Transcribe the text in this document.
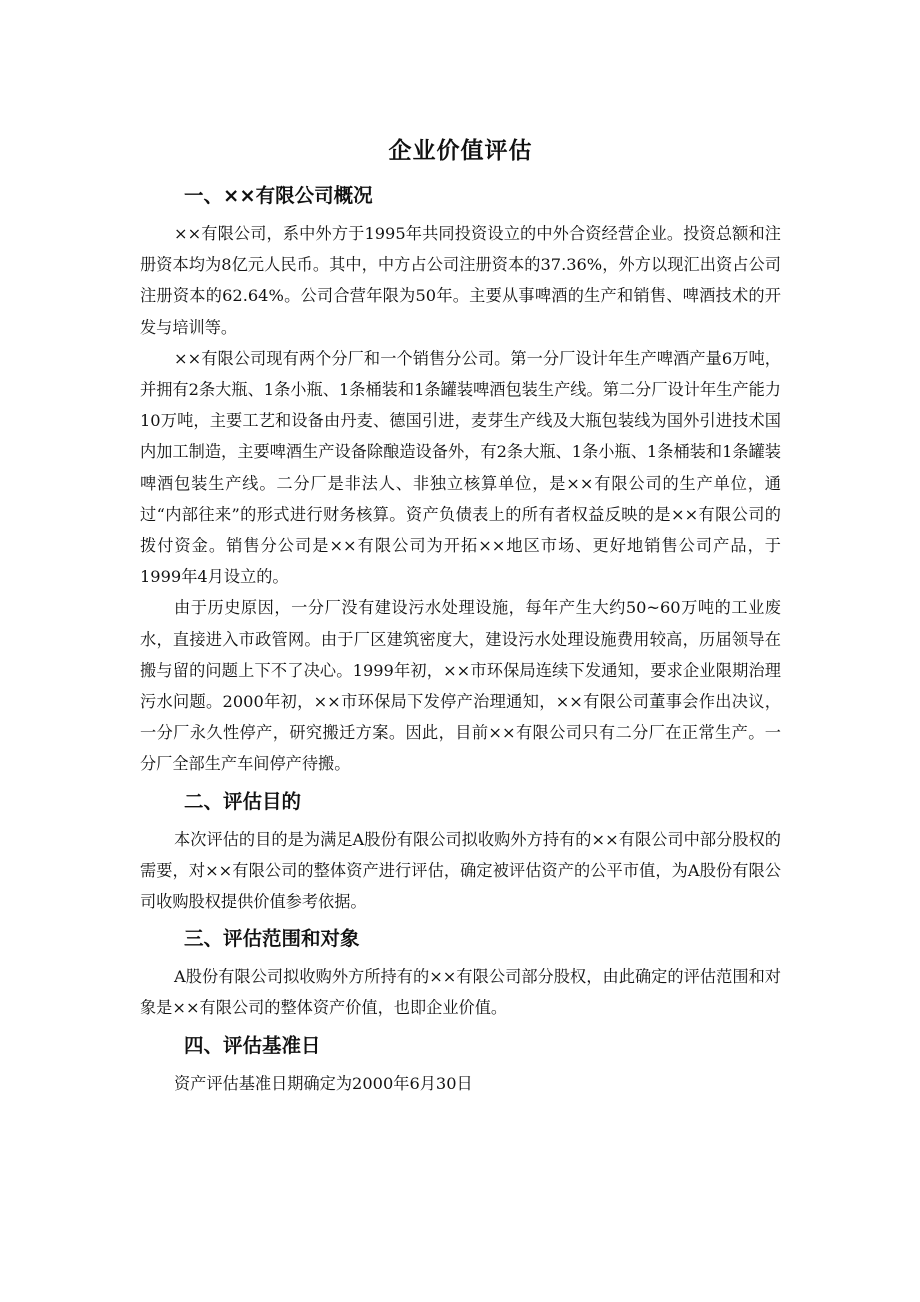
企业价值评估
一、××有限公司概况

××有限公司，系中外方于1995年共同投资设立的中外合资经营企业。投资总额和注册资本均为8亿元人民币。其中，中方占公司注册资本的37.36%，外方以现汇出资占公司注册资本的62.64%。公司合营年限为50年。主要从事啤酒的生产和销售、啤酒技术的开发与培训等。

××有限公司现有两个分厂和一个销售分公司。第一分厂设计年生产啤酒产量6万吨，并拥有2条大瓶、1条小瓶、1条桶装和1条罐装啤酒包装生产线。第二分厂设计年生产能力10万吨，主要工艺和设备由丹麦、德国引进，麦芽生产线及大瓶包装线为国外引进技术国内加工制造，主要啤酒生产设备除酿造设备外，有2条大瓶、1条小瓶、1条桶装和1条罐装啤酒包装生产线。二分厂是非法人、非独立核算单位，是××有限公司的生产单位，通过“内部往来”的形式进行财务核算。资产负债表上的所有者权益反映的是××有限公司的拨付资金。销售分公司是××有限公司为开拓××地区市场、更好地销售公司产品，于1999年4月设立的。

由于历史原因，一分厂没有建设污水处理设施，每年产生大约50~60万吨的工业废水，直接进入市政管网。由于厂区建筑密度大，建设污水处理设施费用较高，历届领导在搬与留的问题上下不了决心。1999年初，××市环保局连续下发通知，要求企业限期治理污水问题。2000年初，××市环保局下发停产治理通知，××有限公司董事会作出决议，一分厂永久性停产，研究搬迁方案。因此，目前××有限公司只有二分厂在正常生产。一分厂全部生产车间停产待搬。

二、评估目的

本次评估的目的是为满足A股份有限公司拟收购外方持有的××有限公司中部分股权的需要，对××有限公司的整体资产进行评估，确定被评估资产的公平市值，为A股份有限公司收购股权提供价值参考依据。

三、评估范围和对象

A股份有限公司拟收购外方所持有的××有限公司部分股权，由此确定的评估范围和对象是××有限公司的整体资产价值，也即企业价值。

四、评估基准日

资产评估基准日期确定为2000年6月30日
